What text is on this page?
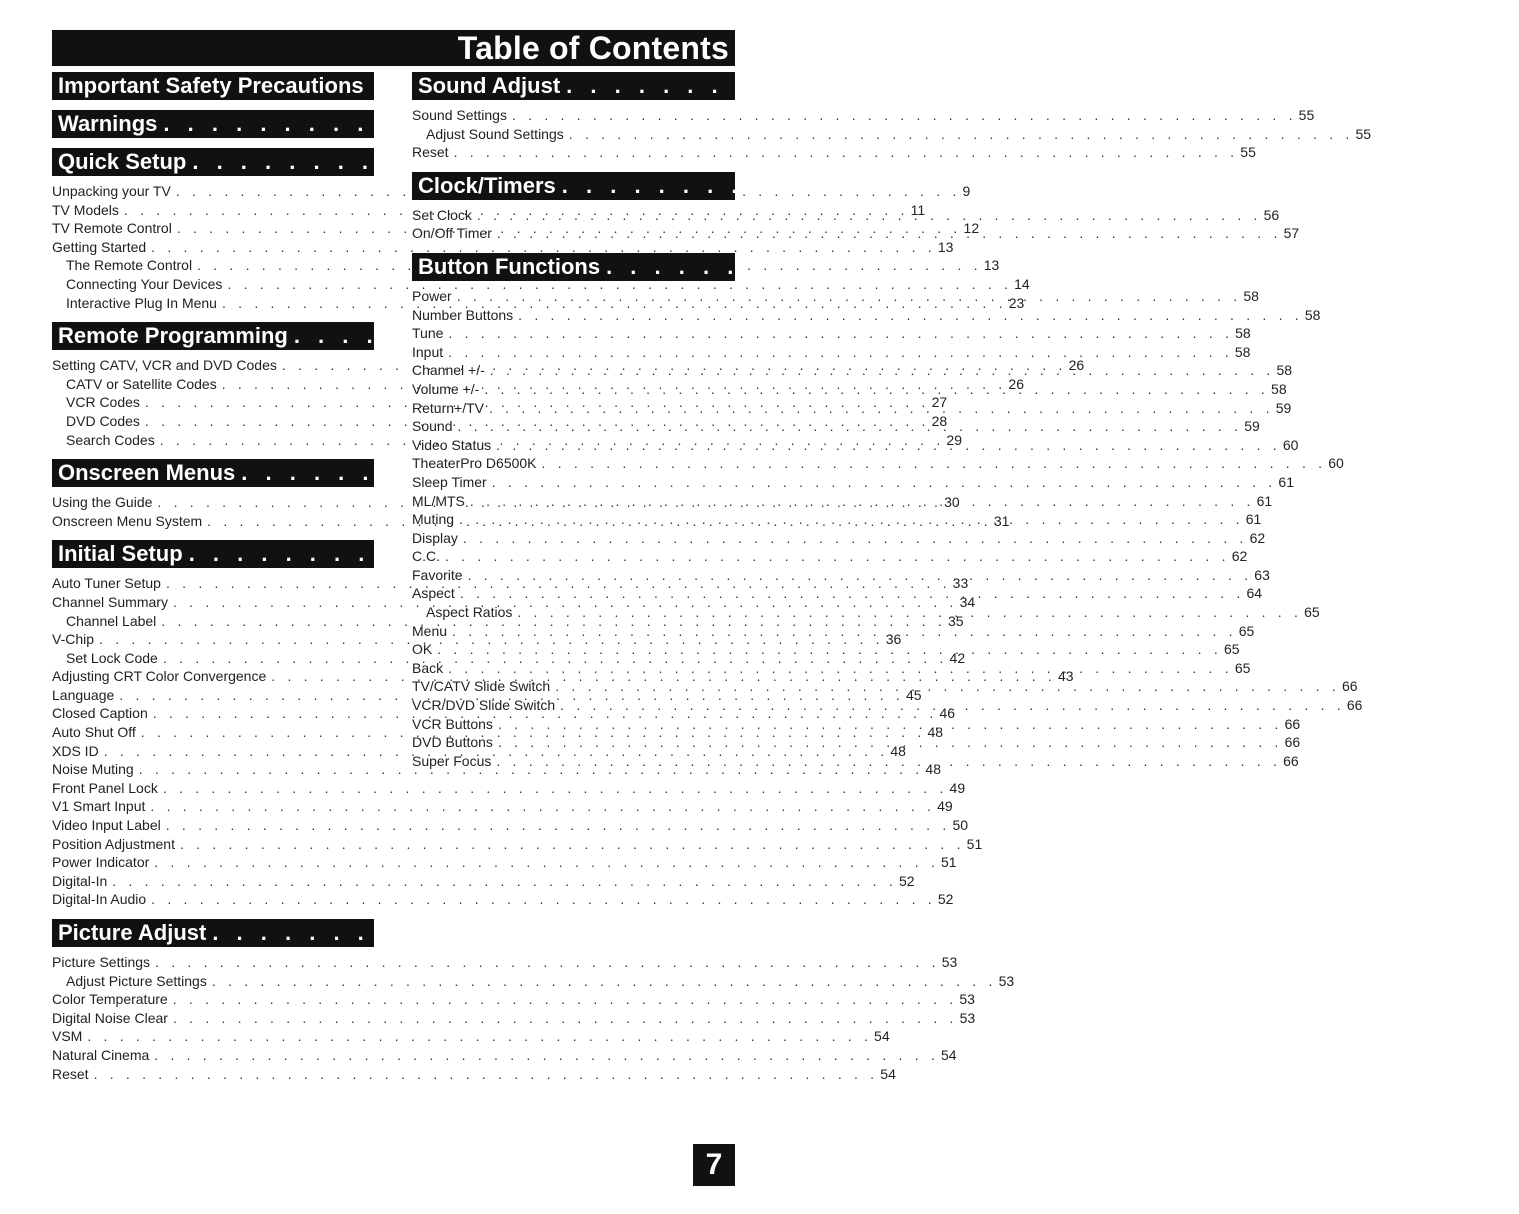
Table of Contents
Important Safety Precautions	2
Warnings . . .	6
Quick Setup . . .	9
Unpacking your TV . . .	9
TV Models . . .	11
TV Remote Control . . .	12
Getting Started . . .	13
The Remote Control . . .	13
Connecting Your Devices . . .	14
Interactive Plug In Menu . . .	23
Remote Programming . . .	26
Setting CATV, VCR and DVD Codes . . .	26
CATV or Satellite Codes . . .	26
VCR Codes . . .	27
DVD Codes . . .	28
Search Codes . . .	29
Onscreen Menus . . .	30
Using the Guide . . .	30
Onscreen Menu System . . .	31
Initial Setup . . .	33
Auto Tuner Setup . . .	33
Channel Summary . . .	34
Channel Label . . .	35
V-Chip . . .	36
Set Lock Code . . .	42
Adjusting CRT Color Convergence . . .	43
Language . . .	45
Closed Caption . . .	46
Auto Shut Off . . .	48
XDS ID . . .	48
Noise Muting . . .	48
Front Panel Lock . . .	49
V1 Smart Input . . .	49
Video Input Label . . .	50
Position Adjustment . . .	51
Power Indicator . . .	51
Digital-In . . .	52
Digital-In Audio . . .	52
Picture Adjust . . .	53
Picture Settings . . .	53
Adjust Picture Settings . . .	53
Color Temperature . . .	53
Digital Noise Clear . . .	53
VSM . . .	54
Natural Cinema . . .	54
Reset . . .	54
Sound Adjust . . .	55
Sound Settings . . .	55
Adjust Sound Settings . . .	55
Reset . . .	55
Clock/Timers . . .	56
Set Clock . . .	56
On/Off Timer . . .	57
Button Functions . . .	58
Power . . .	58
Number Buttons . . .	58
Tune . . .	58
Input . . .	58
Channel +/- . . .	58
Volume +/- . . .	58
Return+/TV . . .	59
Sound . . .	59
Video Status . . .	60
TheaterPro D6500K . . .	60
Sleep Timer . . .	61
ML/MTS . . .	61
Muting . . .	61
Display . . .	62
C.C. . . .	62
Favorite . . .	63
Aspect . . .	64
Aspect Ratios . . .	65
Menu . . .	65
OK . . .	65
Back . . .	65
TV/CATV Slide Switch . . .	66
VCR/DVD Slide Switch . . .	66
VCR Buttons . . .	66
DVD Buttons . . .	66
Super Focus . . .	66
7
